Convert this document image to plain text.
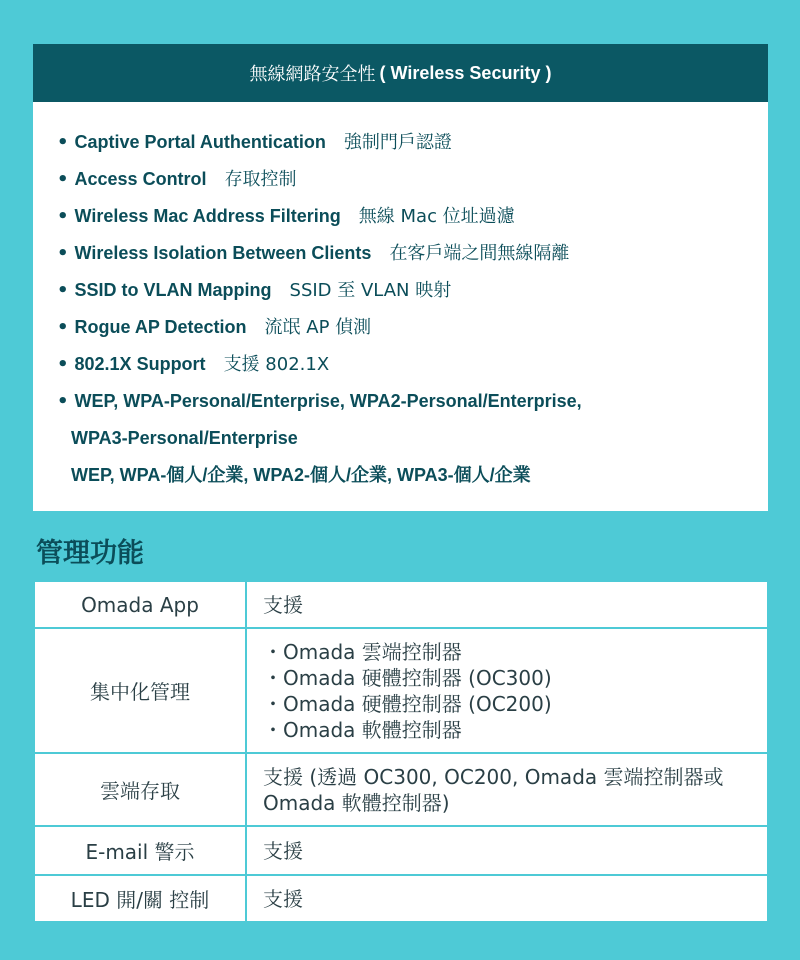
無線網路安全性 ( Wireless Security )
• Captive Portal Authentication 強制門戶認證
• Access Control 存取控制
• Wireless Mac Address Filtering 無線 Mac 位址過濾
• Wireless Isolation Between Clients 在客戶端之間無線隔離
• SSID to VLAN Mapping SSID 至 VLAN 映射
• Rogue AP Detection 流氓 AP 偵測
• 802.1X Support 支援 802.1X
• WEP, WPA-Personal/Enterprise, WPA2-Personal/Enterprise,
WPA3-Personal/Enterprise
WEP, WPA-個人/企業, WPA2-個人/企業, WPA3-個人/企業
管理功能
Omada App	支援
集中化管理	・ Omada 雲端控制器
・ Omada 硬體控制器 (OC300)
・ Omada 硬體控制器 (OC200)
・ Omada 軟體控制器

雲端存取	支援 (透過 OC300, OC200, Omada 雲端控制器或
Omada 軟體控制器)

E-mail 警示	支援
LED 開/關 控制	支援
